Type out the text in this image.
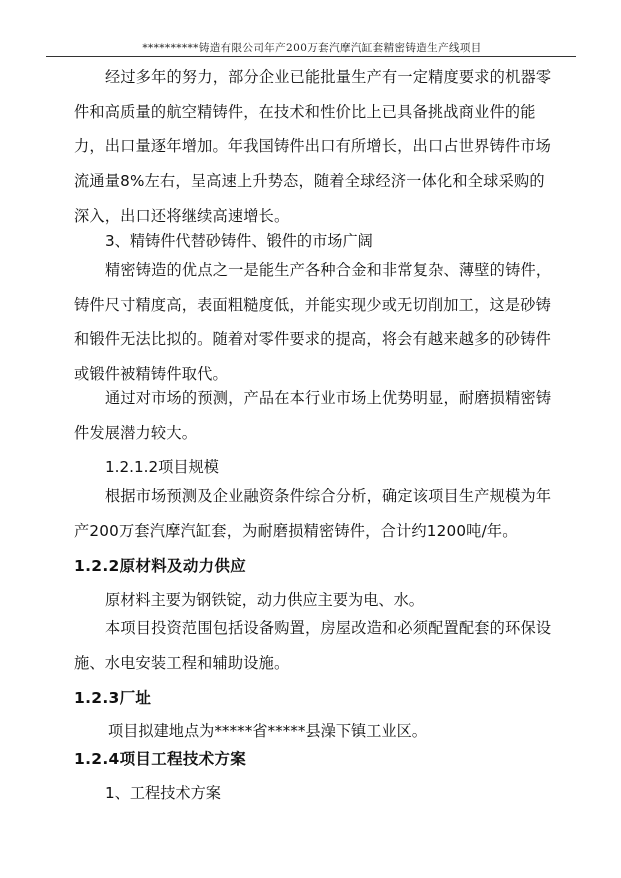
**********铸造有限公司年产200万套汽摩汽缸套精密铸造生产线项目

经过多年的努力，部分企业已能批量生产有一定精度要求的机器零件和高质量的航空精铸件，在技术和性价比上已具备挑战商业件的能力，出口量逐年增加。年我国铸件出口有所增长，出口占世界铸件市场流通量8%左右，呈高速上升势态，随着全球经济一体化和全球采购的深入，出口还将继续高速增长。

3、精铸件代替砂铸件、锻件的市场广阔

精密铸造的优点之一是能生产各种合金和非常复杂、薄壁的铸件，铸件尺寸精度高，表面粗糙度低，并能实现少或无切削加工，这是砂铸和锻件无法比拟的。随着对零件要求的提高，将会有越来越多的砂铸件或锻件被精铸件取代。

通过对市场的预测，产品在本行业市场上优势明显，耐磨损精密铸件发展潜力较大。

1.2.1.2项目规模

根据市场预测及企业融资条件综合分析，确定该项目生产规模为年产200万套汽摩汽缸套，为耐磨损精密铸件，合计约1200吨/年。

1.2.2原材料及动力供应

原材料主要为钢铁锭，动力供应主要为电、水。

本项目投资范围包括设备购置，房屋改造和必须配置配套的环保设施、水电安装工程和辅助设施。

1.2.3厂址

项目拟建地点为*****省*****县澡下镇工业区。

1.2.4项目工程技术方案

1、工程技术方案
